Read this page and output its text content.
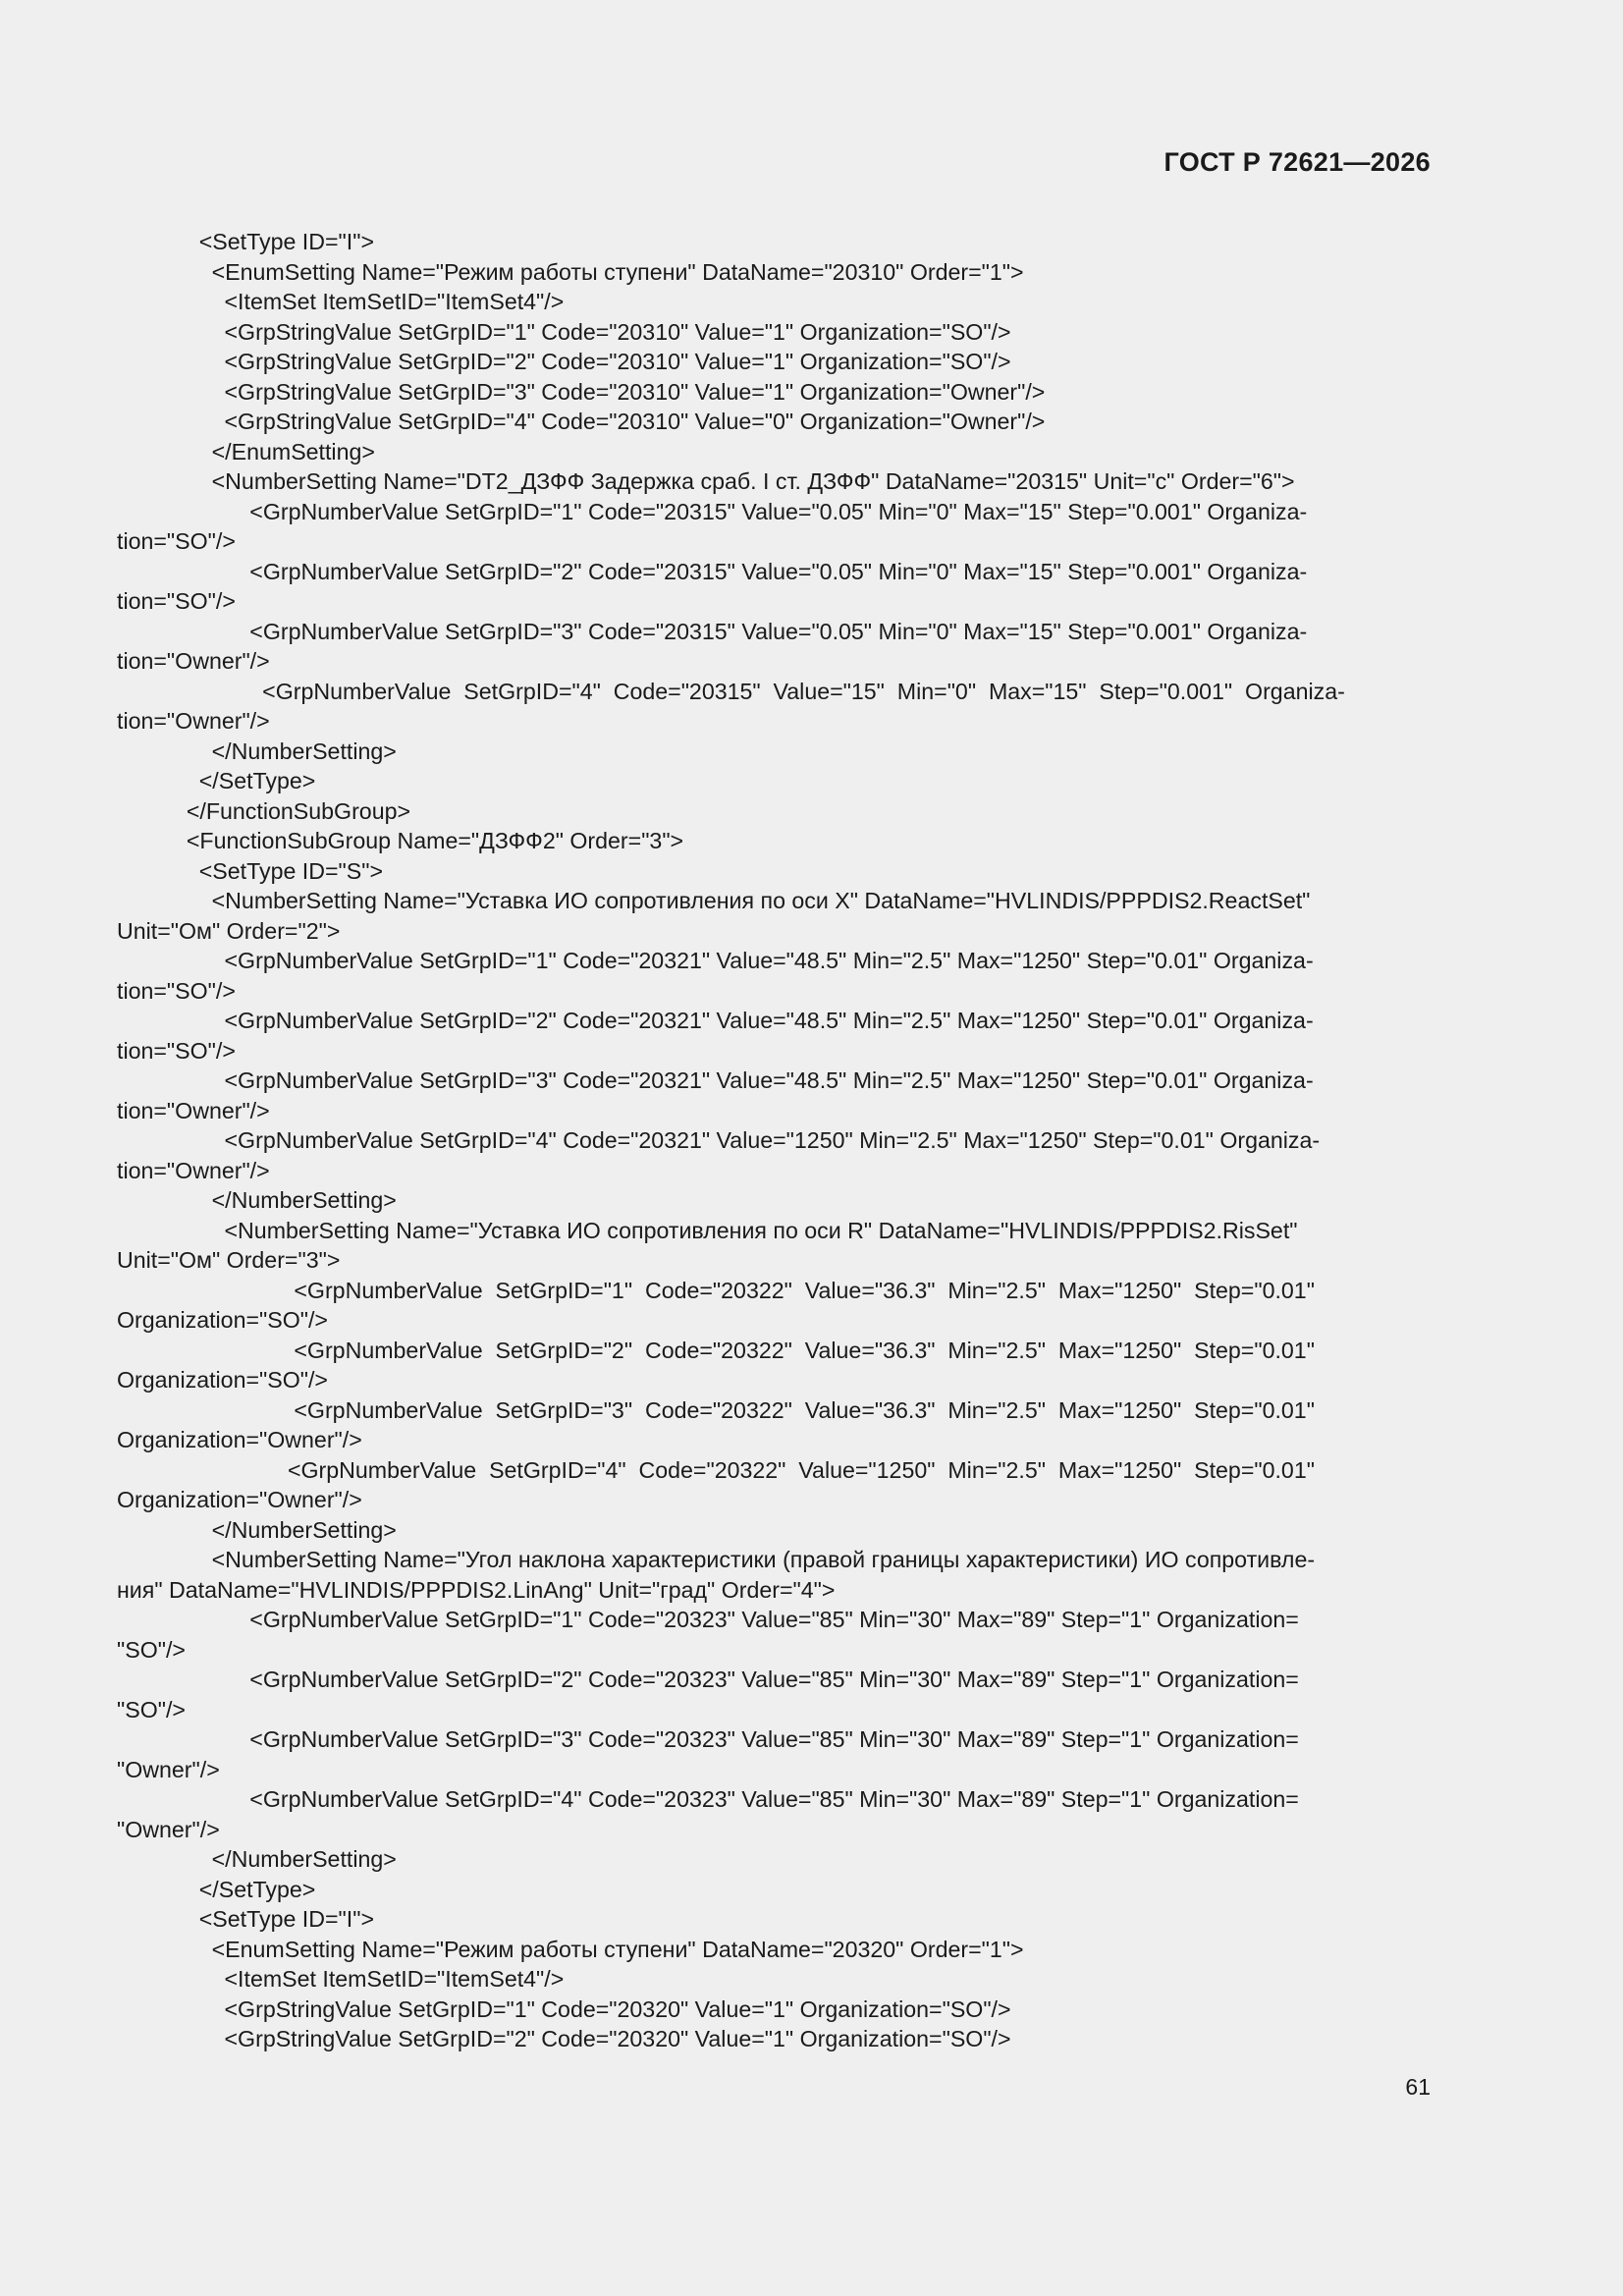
ГОСТ Р 72621—2026
<SetType ID="I">
<EnumSetting Name="Режим работы ступени" DataName="20310" Order="1">
<ItemSet ItemSetID="ItemSet4"/>
<GrpStringValue SetGrpID="1" Code="20310" Value="1" Organization="SO"/>
<GrpStringValue SetGrpID="2" Code="20310" Value="1" Organization="SO"/>
<GrpStringValue SetGrpID="3" Code="20310" Value="1" Organization="Owner"/>
<GrpStringValue SetGrpID="4" Code="20310" Value="0" Organization="Owner"/>
</EnumSetting>
<NumberSetting Name="DT2_ДЗФФ Задержка сраб. I ст. ДЗФФ" DataName="20315" Unit="c" Order="6">
<GrpNumberValue SetGrpID="1" Code="20315" Value="0.05" Min="0" Max="15" Step="0.001" Organiza-
tion="SO"/>
<GrpNumberValue SetGrpID="2" Code="20315" Value="0.05" Min="0" Max="15" Step="0.001" Organiza-
tion="SO"/>
<GrpNumberValue SetGrpID="3" Code="20315" Value="0.05" Min="0" Max="15" Step="0.001" Organiza-
tion="Owner"/>
<GrpNumberValue  SetGrpID="4"  Code="20315"  Value="15"  Min="0"  Max="15"  Step="0.001"  Organiza-
tion="Owner"/>
</NumberSetting>
</SetType>
</FunctionSubGroup>
<FunctionSubGroup Name="ДЗФФ2" Order="3">
<SetType ID="S">
<NumberSetting Name="Уставка ИО сопротивления по оси X" DataName="HVLINDIS/PPPDIS2.ReactSet"
Unit="Ом" Order="2">
<GrpNumberValue SetGrpID="1" Code="20321" Value="48.5" Min="2.5" Max="1250" Step="0.01" Organiza-
tion="SO"/>
<GrpNumberValue SetGrpID="2" Code="20321" Value="48.5" Min="2.5" Max="1250" Step="0.01" Organiza-
tion="SO"/>
<GrpNumberValue SetGrpID="3" Code="20321" Value="48.5" Min="2.5" Max="1250" Step="0.01" Organiza-
tion="Owner"/>
<GrpNumberValue SetGrpID="4" Code="20321" Value="1250" Min="2.5" Max="1250" Step="0.01" Organiza-
tion="Owner"/>
</NumberSetting>
<NumberSetting Name="Уставка ИО сопротивления по оси R" DataName="HVLINDIS/PPPDIS2.RisSet"
Unit="Ом" Order="3">
<GrpNumberValue  SetGrpID="1"  Code="20322"  Value="36.3"  Min="2.5"  Max="1250"  Step="0.01"
Organization="SO"/>
<GrpNumberValue  SetGrpID="2"  Code="20322"  Value="36.3"  Min="2.5"  Max="1250"  Step="0.01"
Organization="SO"/>
<GrpNumberValue  SetGrpID="3"  Code="20322"  Value="36.3"  Min="2.5"  Max="1250"  Step="0.01"
Organization="Owner"/>
<GrpNumberValue  SetGrpID="4"  Code="20322"  Value="1250"  Min="2.5"  Max="1250"  Step="0.01"
Organization="Owner"/>
</NumberSetting>
<NumberSetting Name="Угол наклона характеристики (правой границы характеристики) ИО сопротивле-
ния" DataName="HVLINDIS/PPPDIS2.LinAng" Unit="град" Order="4">
<GrpNumberValue SetGrpID="1" Code="20323" Value="85" Min="30" Max="89" Step="1" Organization=
"SO"/>
<GrpNumberValue SetGrpID="2" Code="20323" Value="85" Min="30" Max="89" Step="1" Organization=
"SO"/>
<GrpNumberValue SetGrpID="3" Code="20323" Value="85" Min="30" Max="89" Step="1" Organization=
"Owner"/>
<GrpNumberValue SetGrpID="4" Code="20323" Value="85" Min="30" Max="89" Step="1" Organization=
"Owner"/>
</NumberSetting>
</SetType>
<SetType ID="I">
<EnumSetting Name="Режим работы ступени" DataName="20320" Order="1">
<ItemSet ItemSetID="ItemSet4"/>
<GrpStringValue SetGrpID="1" Code="20320" Value="1" Organization="SO"/>
<GrpStringValue SetGrpID="2" Code="20320" Value="1" Organization="SO"/>
61
